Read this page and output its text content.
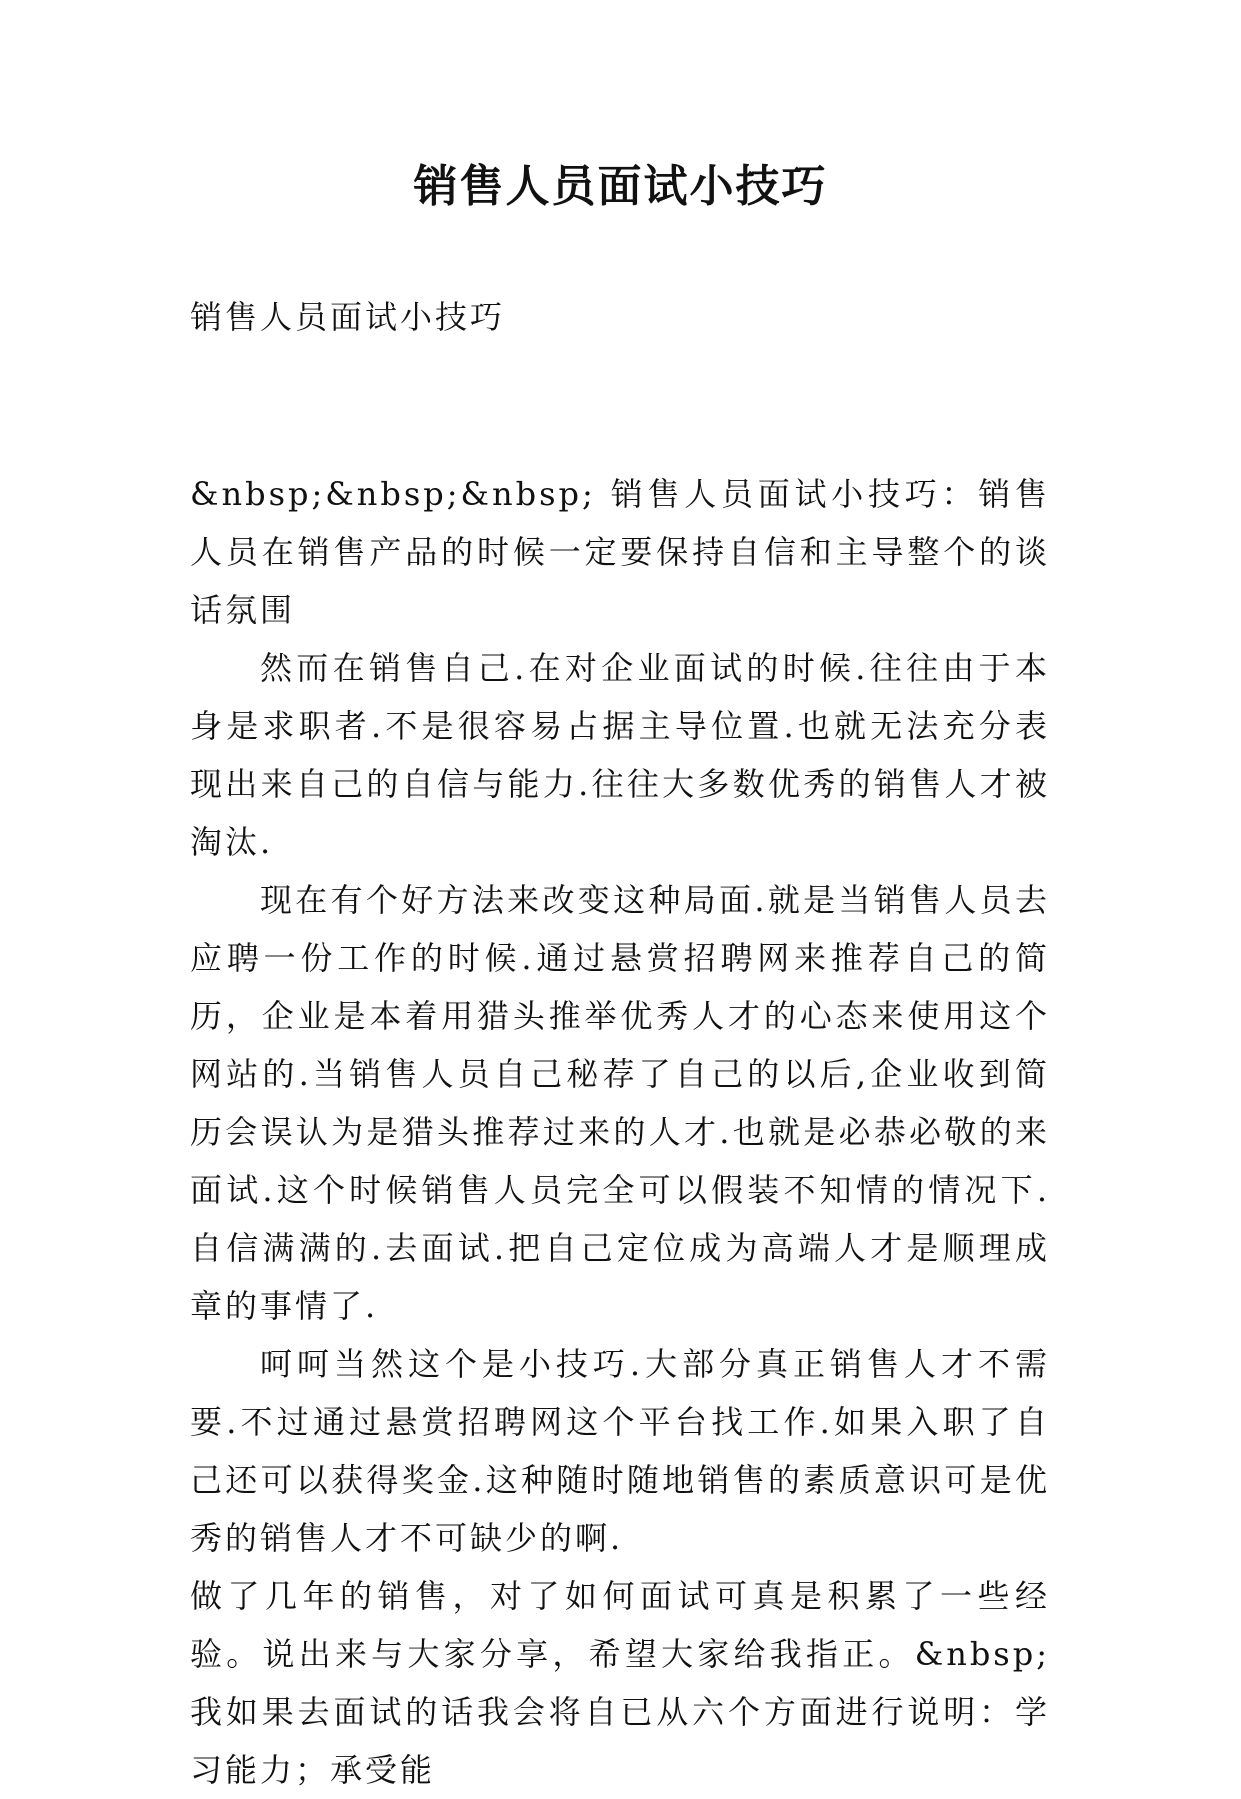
销售人员面试小技巧
销售人员面试小技巧

&nbsp;&nbsp;&nbsp; 销售人员面试小技巧：销售人员在销售产品的时候一定要保持自信和主导整个的谈话氛围

然而在销售自己.在对企业面试的时候.往往由于本身是求职者.不是很容易占据主导位置.也就无法充分表现出来自己的自信与能力.往往大多数优秀的销售人才被淘汰.

现在有个好方法来改变这种局面.就是当销售人员去应聘一份工作的时候.通过悬赏招聘网来推荐自己的简历，企业是本着用猎头推举优秀人才的心态来使用这个网站的.当销售人员自己秘荐了自己的以后,企业收到简历会误认为是猎头推荐过来的人才.也就是必恭必敬的来面试.这个时候销售人员完全可以假装不知情的情况下.自信满满的.去面试.把自己定位成为高端人才是顺理成章的事情了.

呵呵当然这个是小技巧.大部分真正销售人才不需要.不过通过悬赏招聘网这个平台找工作.如果入职了自己还可以获得奖金.这种随时随地销售的素质意识可是优秀的销售人才不可缺少的啊.

做了几年的销售，对了如何面试可真是积累了一些经验。说出来与大家分享，希望大家给我指正。&nbsp; 我如果去面试的话我会将自已从六个方面进行说明：学习能力；承受能
